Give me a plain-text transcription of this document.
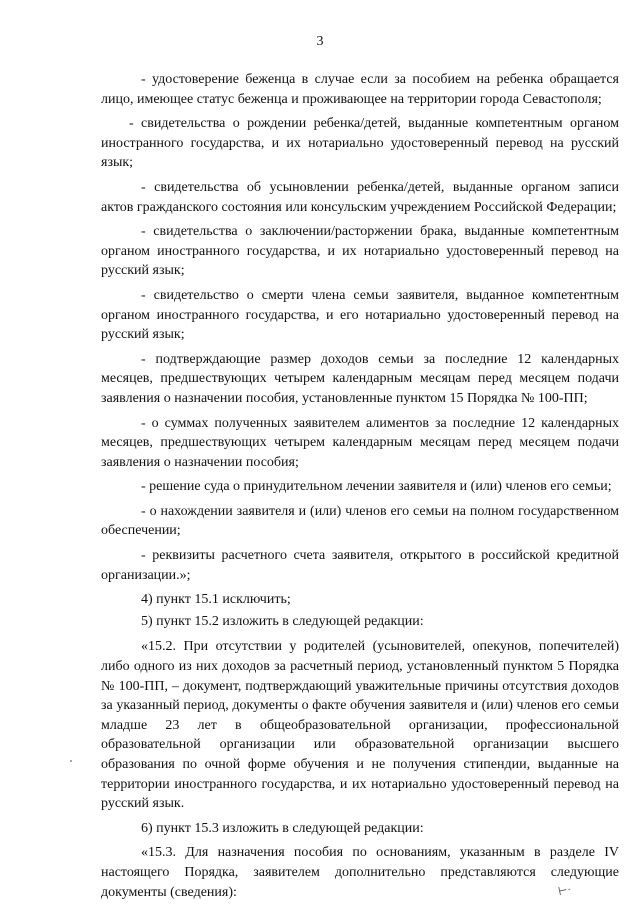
3

- удостоверение беженца в случае если за пособием на ребенка обращается лицо, имеющее статус беженца и проживающее на территории города Севастополя;

- свидетельства о рождении ребенка/детей, выданные компетентным органом иностранного государства, и их нотариально удостоверенный перевод на русский язык;

- свидетельства об усыновлении ребенка/детей, выданные органом записи актов гражданского состояния или консульским учреждением Российской Федерации;

- свидетельства о заключении/расторжении брака, выданные компетентным органом иностранного государства, и их нотариально удостоверенный перевод на русский язык;

- свидетельство о смерти члена семьи заявителя, выданное компетентным органом иностранного государства, и его нотариально удостоверенный перевод на русский язык;

- подтверждающие размер доходов семьи за последние 12 календарных месяцев, предшествующих четырем календарным месяцам перед месяцем подачи заявления о назначении пособия, установленные пунктом 15 Порядка № 100-ПП;

- о суммах полученных заявителем алиментов за последние 12 календарных месяцев, предшествующих четырем календарным месяцам перед месяцем подачи заявления о назначении пособия;

- решение суда о принудительном лечении заявителя и (или) членов его семьи;

- о нахождении заявителя и (или) членов его семьи на полном государственном обеспечении;

- реквизиты расчетного счета заявителя, открытого в российской кредитной организации.»;

4) пункт 15.1 исключить;

5) пункт 15.2 изложить в следующей редакции:

«15.2. При отсутствии у родителей (усыновителей, опекунов, попечителей) либо одного из них доходов за расчетный период, установленный пунктом 5 Порядка № 100-ПП, – документ, подтверждающий уважительные причины отсутствия доходов за указанный период, документы о факте обучения заявителя и (или) членов его семьи младше 23 лет в общеобразовательной организации, профессиональной образовательной организации или образовательной организации высшего образования по очной форме обучения и не получения стипендии, выданные на территории иностранного государства, и их нотариально удостоверенный перевод на русский язык.

6) пункт 15.3 изложить в следующей редакции:

«15.3. Для назначения пособия по основаниям, указанным в разделе IV настоящего Порядка, заявителем дополнительно представляются следующие документы (сведения):	⊢·
